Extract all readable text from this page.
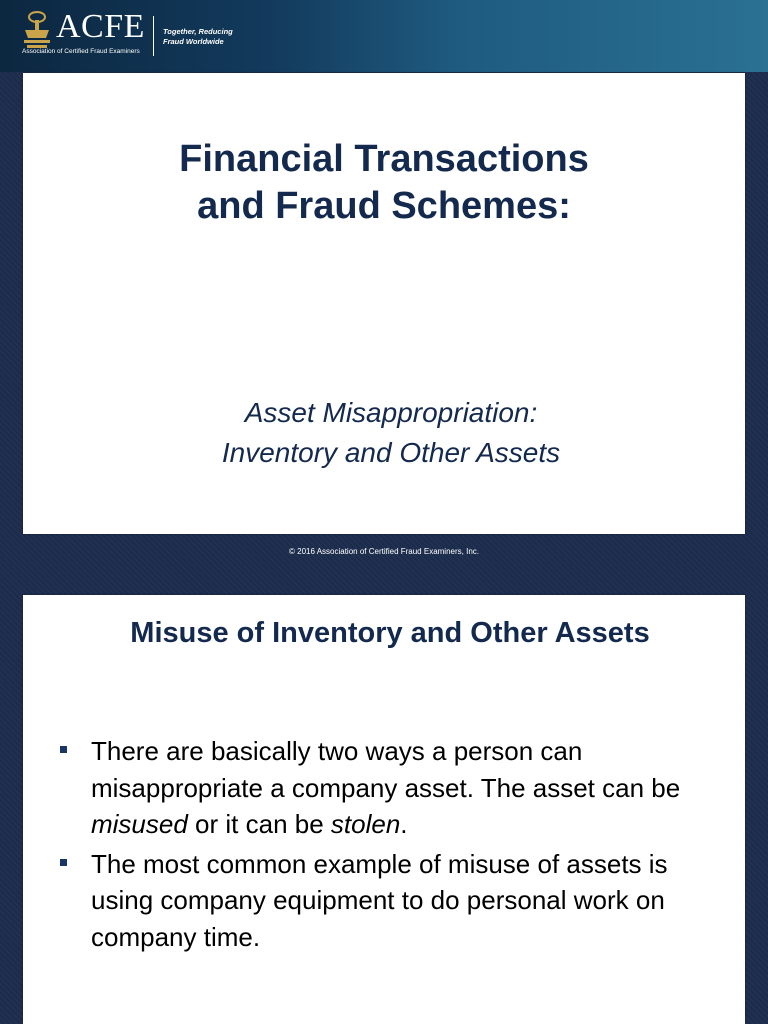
ACFE
Association of Certified Fraud Examiners
Together, Reducing
Fraud Worldwide
Financial Transactions
and Fraud Schemes:
Asset Misappropriation:
Inventory and Other Assets
© 2016 Association of Certified Fraud Examiners, Inc.
Misuse of Inventory and Other Assets
There are basically two ways a person can misappropriate a company asset. The asset can be misused or it can be stolen.
The most common example of misuse of assets is using company equipment to do personal work on company time.
